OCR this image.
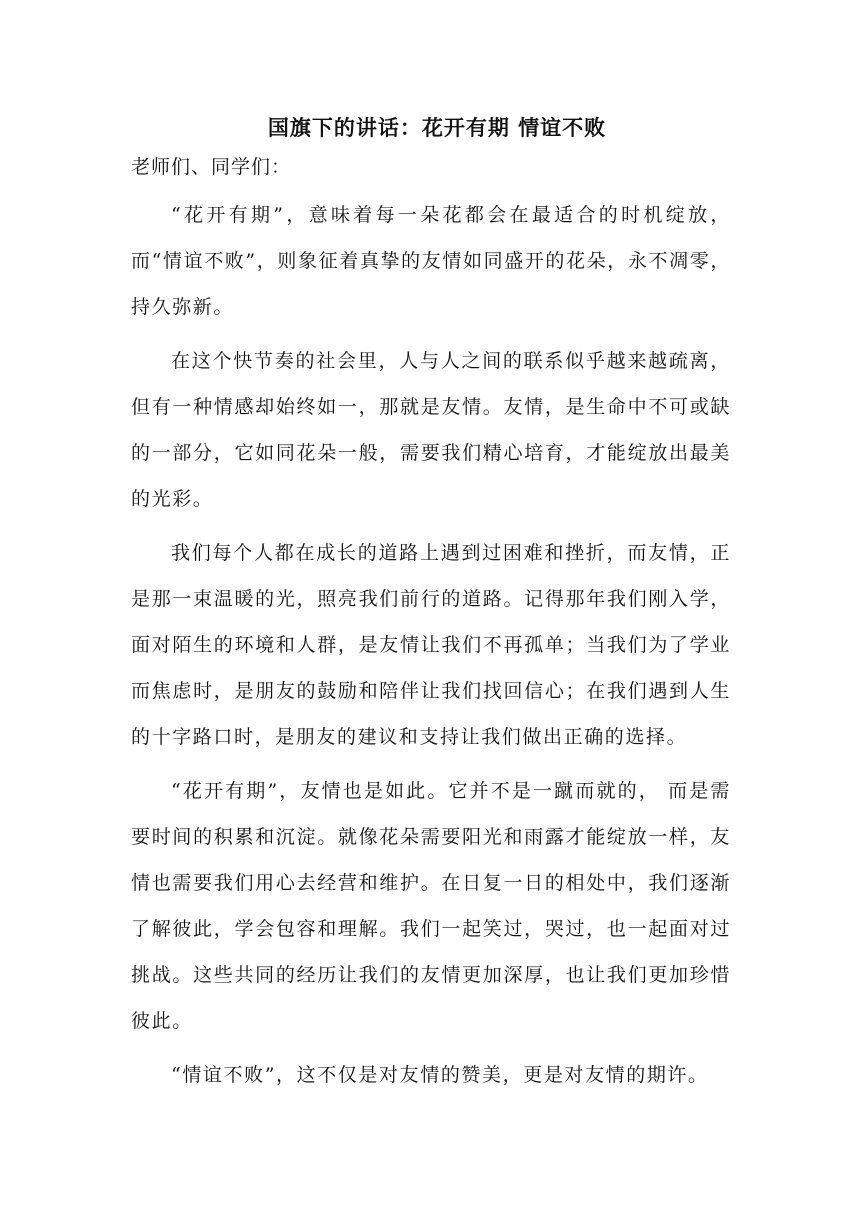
国旗下的讲话：花开有期 情谊不败

老师们、同学们：

“花开有期”，意味着每一朵花都会在最适合的时机绽放，而“情谊不败”，则象征着真挚的友情如同盛开的花朵，永不凋零，持久弥新。

在这个快节奏的社会里，人与人之间的联系似乎越来越疏离，但有一种情感却始终如一，那就是友情。友情，是生命中不可或缺的一部分，它如同花朵一般，需要我们精心培育，才能绽放出最美的光彩。

我们每个人都在成长的道路上遇到过困难和挫折，而友情，正是那一束温暖的光，照亮我们前行的道路。记得那年我们刚入学，面对陌生的环境和人群，是友情让我们不再孤单；当我们为了学业而焦虑时，是朋友的鼓励和陪伴让我们找回信心；在我们遇到人生的十字路口时，是朋友的建议和支持让我们做出正确的选择。

“花开有期”，友情也是如此。它并不是一蹴而就的， 而是需要时间的积累和沉淀。就像花朵需要阳光和雨露才能绽放一样，友情也需要我们用心去经营和维护。在日复一日的相处中，我们逐渐了解彼此，学会包容和理解。我们一起笑过，哭过，也一起面对过挑战。这些共同的经历让我们的友情更加深厚，也让我们更加珍惜彼此。

“情谊不败”，这不仅是对友情的赞美，更是对友情的期许。
